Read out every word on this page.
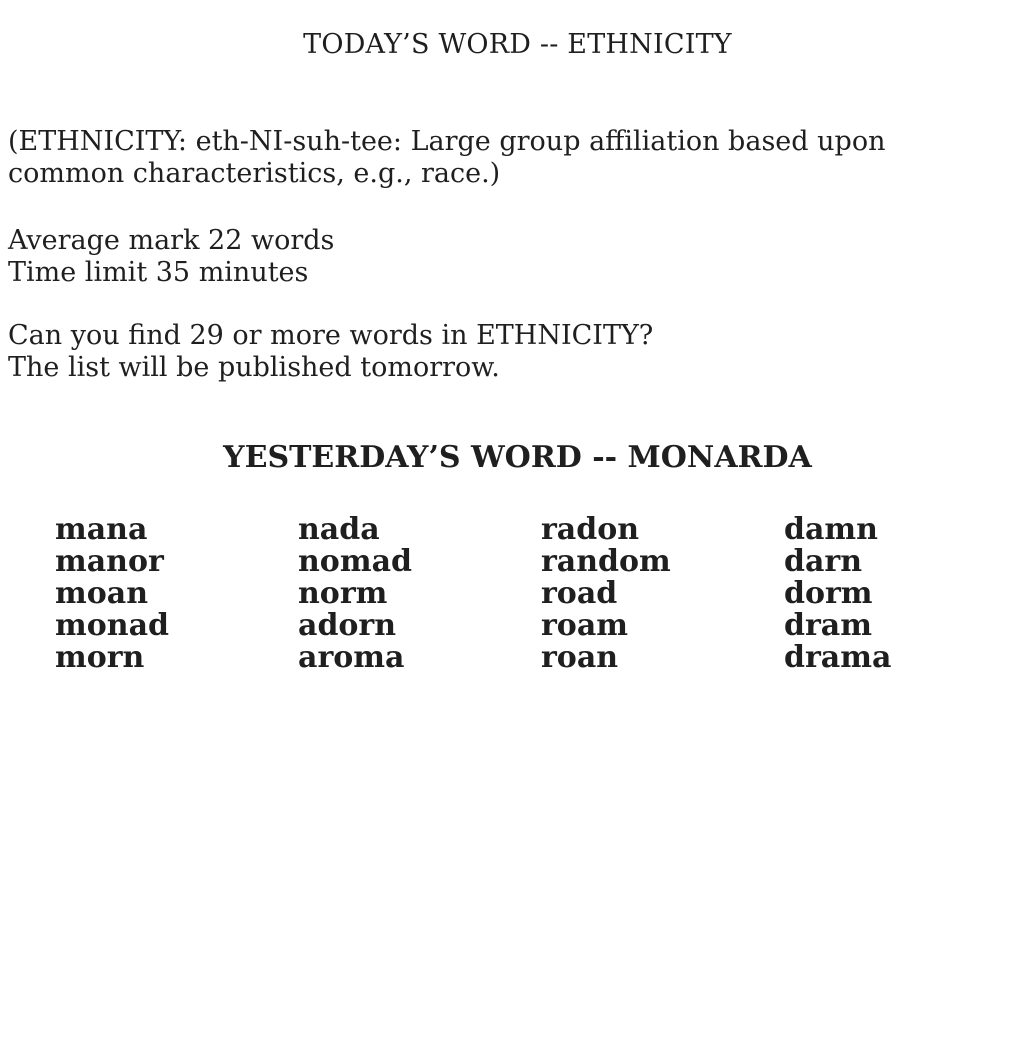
TODAY’S WORD -- ETHNICITY
(ETHNICITY: eth-NI-suh-tee: Large group affiliation based upon
common characteristics, e.g., race.)
Average mark 22 words
Time limit 35 minutes
Can you find 29 or more words in ETHNICITY?
The list will be published tomorrow.
YESTERDAY’S WORD -- MONARDA
mana
manor
moan
monad
morn
nada
nomad
norm
adorn
aroma
radon
random
road
roam
roan
damn
darn
dorm
dram
drama
